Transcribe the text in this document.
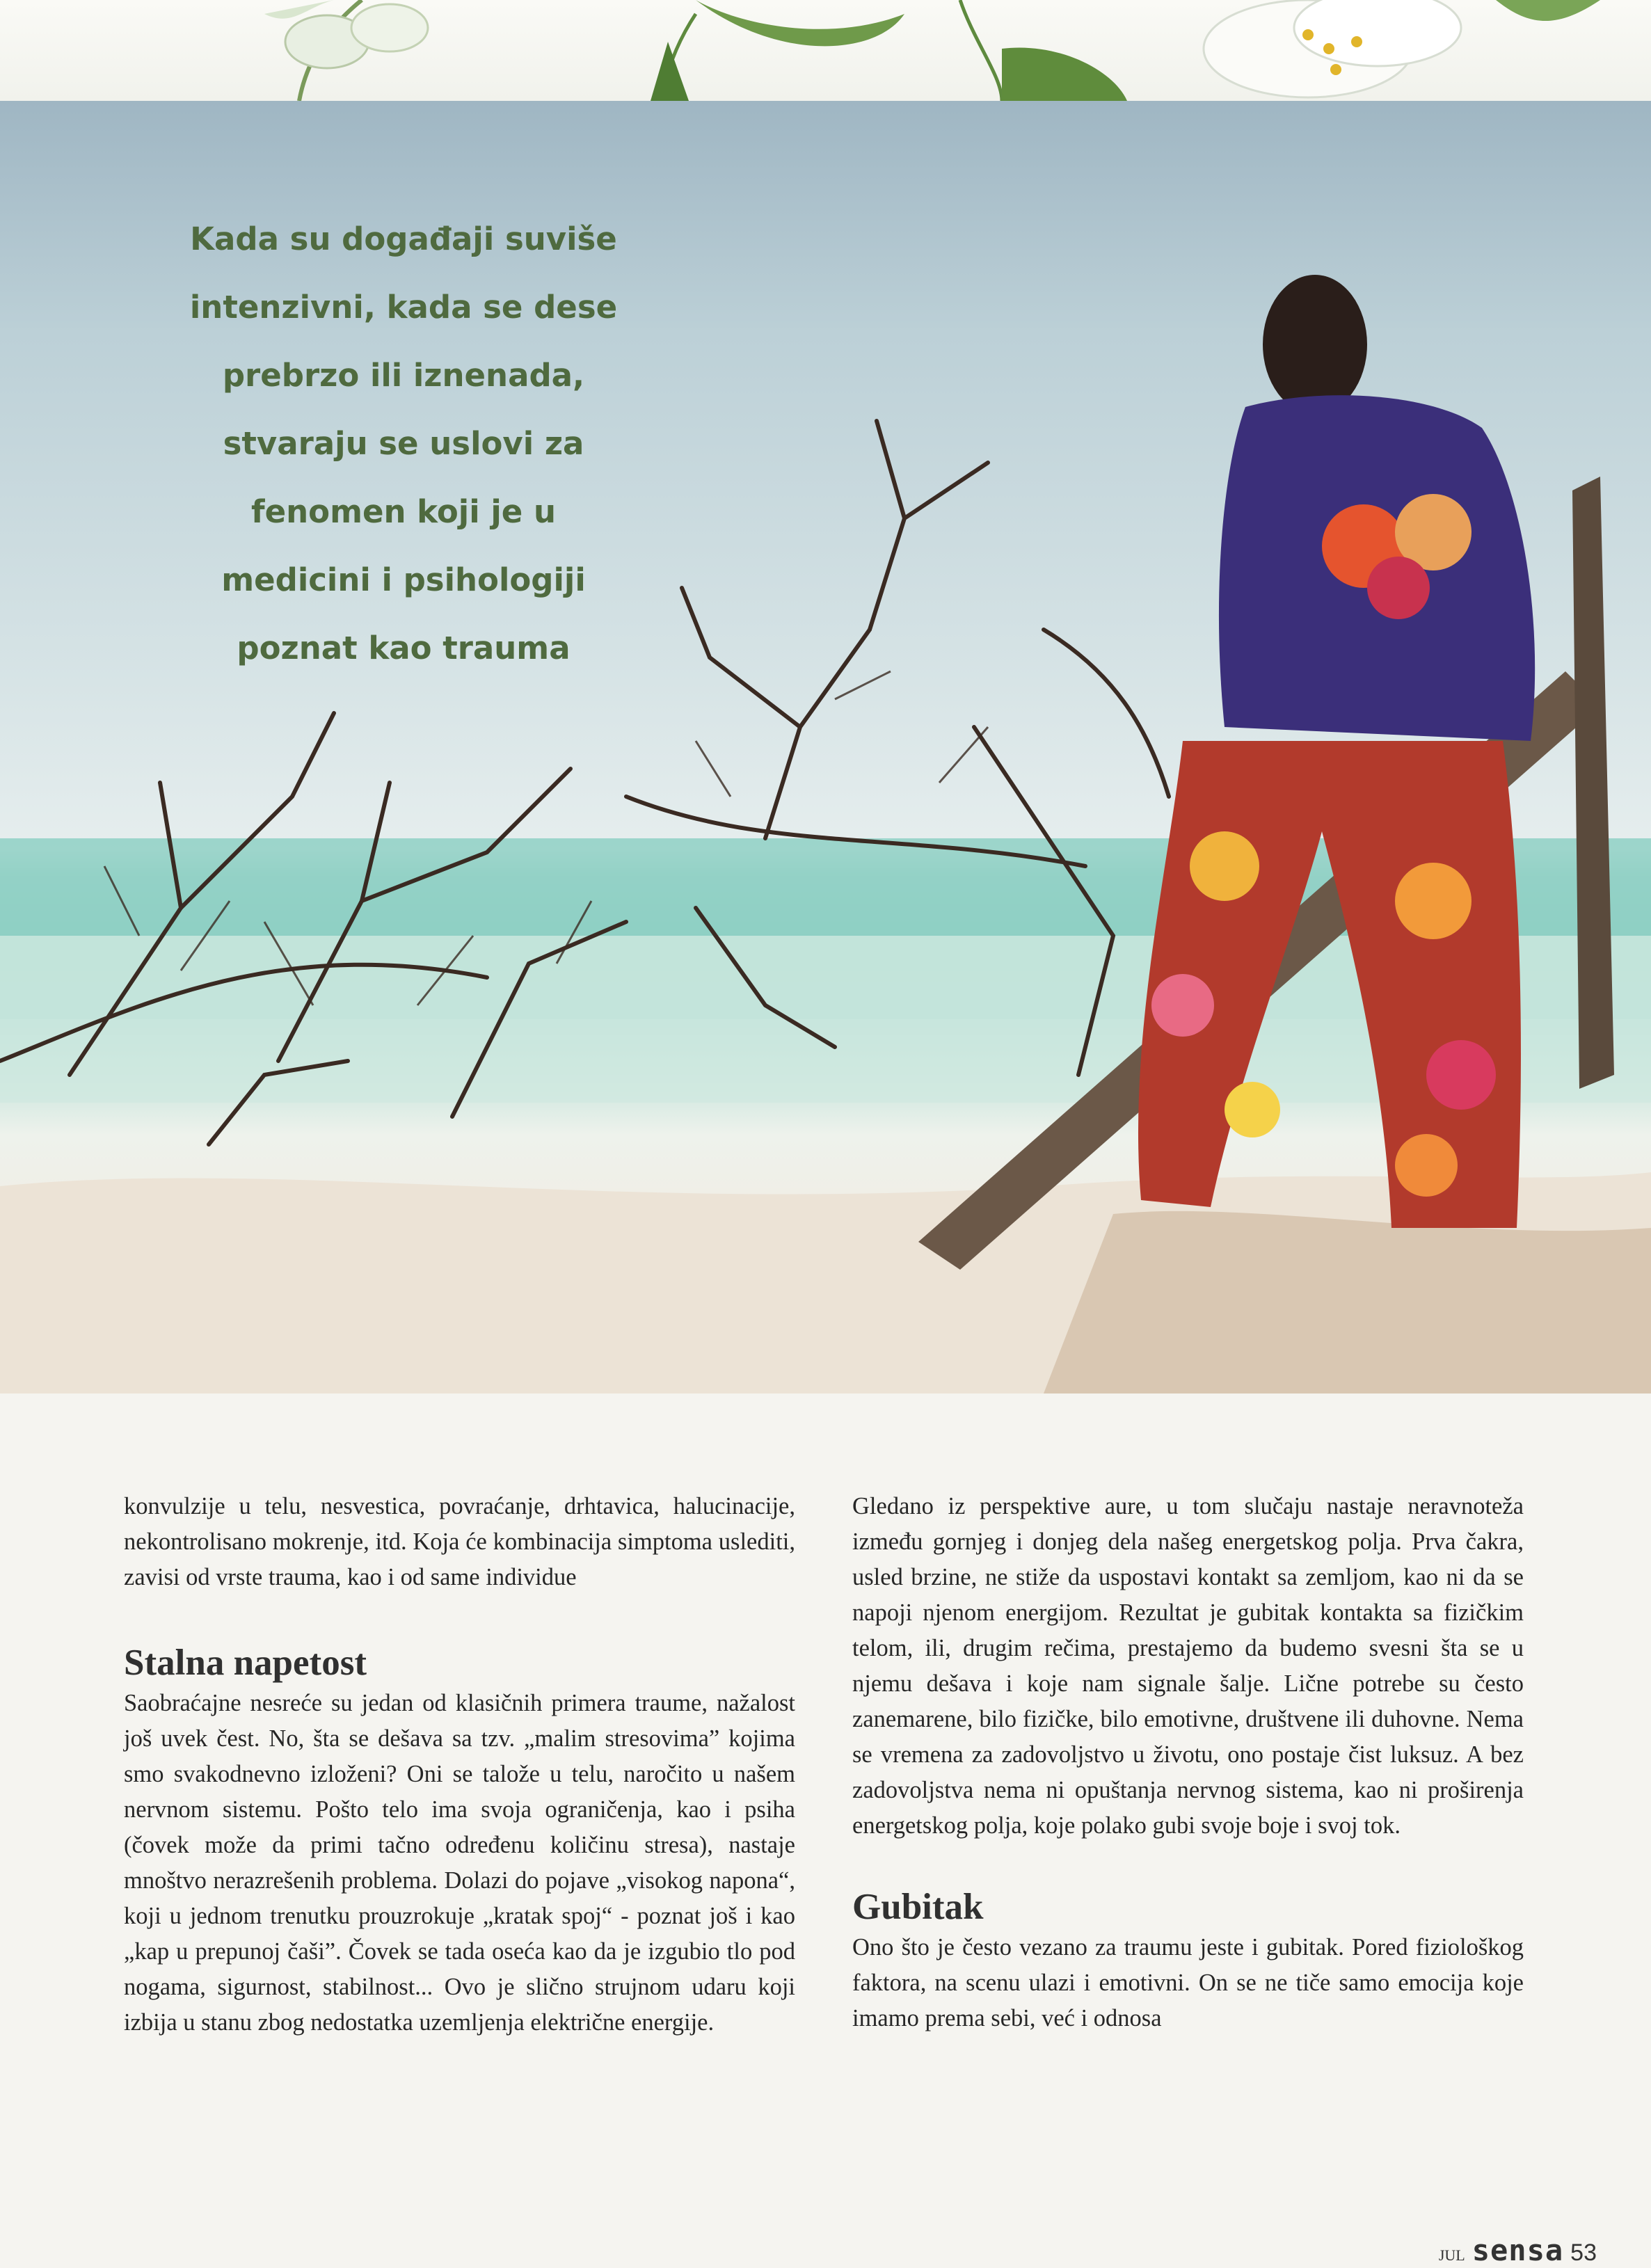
Kada su događaji suviše
intenzivni, kada se dese
prebrzo ili iznenada,
stvaraju se uslovi za
fenomen koji je u
medicini i psihologiji
poznat kao trauma

konvulzije u telu, nesvestica, povraćanje, drhtavica, halucinacije, nekontrolisano mokrenje, itd. Koja će kombinacija simptoma uslediti, zavisi od vrste trauma, kao i od same individue

Stalna napetost

Saobraćajne nesreće su jedan od klasičnih primera traume, nažalost još uvek čest. No, šta se dešava sa tzv. „malim stresovima” kojima smo svakodnevno izloženi? Oni se talože u telu, naročito u našem nervnom sistemu. Pošto telo ima svoja ograničenja, kao i psiha (čovek može da primi tačno određenu količinu stresa), nastaje mnoštvo nerazrešenih problema. Dolazi do pojave „visokog napona“, koji u jednom trenutku prouzrokuje „kratak spoj“ - poznat još i kao „kap u prepunoj čaši”. Čovek se tada oseća kao da je izgubio tlo pod nogama, sigurnost, stabilnost... Ovo je slično strujnom udaru koji izbija u stanu zbog nedostatka uzemljenja električne energije.

Gledano iz perspektive aure, u tom slučaju nastaje neravnoteža između gornjeg i donjeg dela našeg energetskog polja. Prva čakra, usled brzine, ne stiže da uspostavi kontakt sa zemljom, kao ni da se napoji njenom energijom. Rezultat je gubitak kontakta sa fizičkim telom, ili, drugim rečima, prestajemo da budemo svesni šta se u njemu dešava i koje nam signale šalje. Lične potrebe su često zanemarene, bilo fizičke, bilo emotivne, društvene ili duhovne. Nema se vremena za zadovoljstvo u životu, ono postaje čist luksuz. A bez zadovoljstva nema ni opuštanja nervnog sistema, kao ni proširenja energetskog polja, koje polako gubi svoje boje i svoj tok.

Gubitak

Ono što je često vezano za traumu jeste i gubitak. Pored fiziološkog faktora, na scenu ulazi i emotivni. On se ne tiče samo emocija koje imamo prema sebi, već i odnosa

JUL sensa 53
